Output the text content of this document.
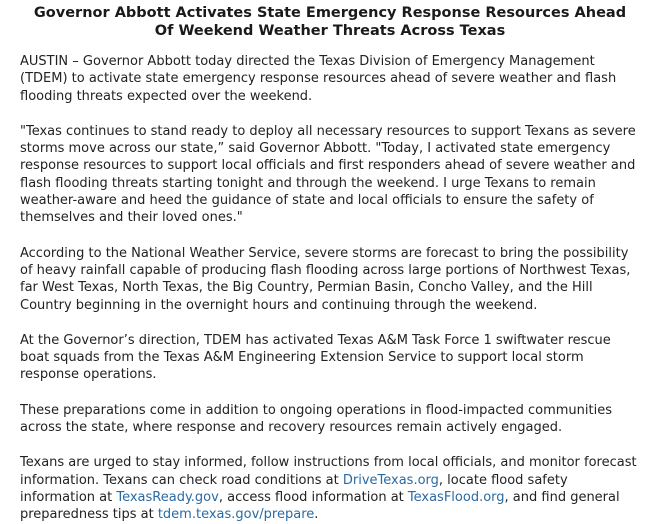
Governor Abbott Activates State Emergency Response Resources Ahead
Of Weekend Weather Threats Across Texas

AUSTIN – Governor Abbott today directed the Texas Division of Emergency Management (TDEM) to activate state emergency response resources ahead of severe weather and flash flooding threats expected over the weekend.

"Texas continues to stand ready to deploy all necessary resources to support Texans as severe storms move across our state,” said Governor Abbott. "Today, I activated state emergency response resources to support local officials and first responders ahead of severe weather and flash flooding threats starting tonight and through the weekend. I urge Texans to remain weather-aware and heed the guidance of state and local officials to ensure the safety of themselves and their loved ones."

According to the National Weather Service, severe storms are forecast to bring the possibility of heavy rainfall capable of producing flash flooding across large portions of Northwest Texas, far West Texas, North Texas, the Big Country, Permian Basin, Concho Valley, and the Hill Country beginning in the overnight hours and continuing through the weekend.

At the Governor’s direction, TDEM has activated Texas A&M Task Force 1 swiftwater rescue boat squads from the Texas A&M Engineering Extension Service to support local storm response operations.

These preparations come in addition to ongoing operations in flood-impacted communities across the state, where response and recovery resources remain actively engaged.

Texans are urged to stay informed, follow instructions from local officials, and monitor forecast information. Texans can check road conditions at DriveTexas.org, locate flood safety information at TexasReady.gov, access flood information at TexasFlood.org, and find general preparedness tips at tdem.texas.gov/prepare.
